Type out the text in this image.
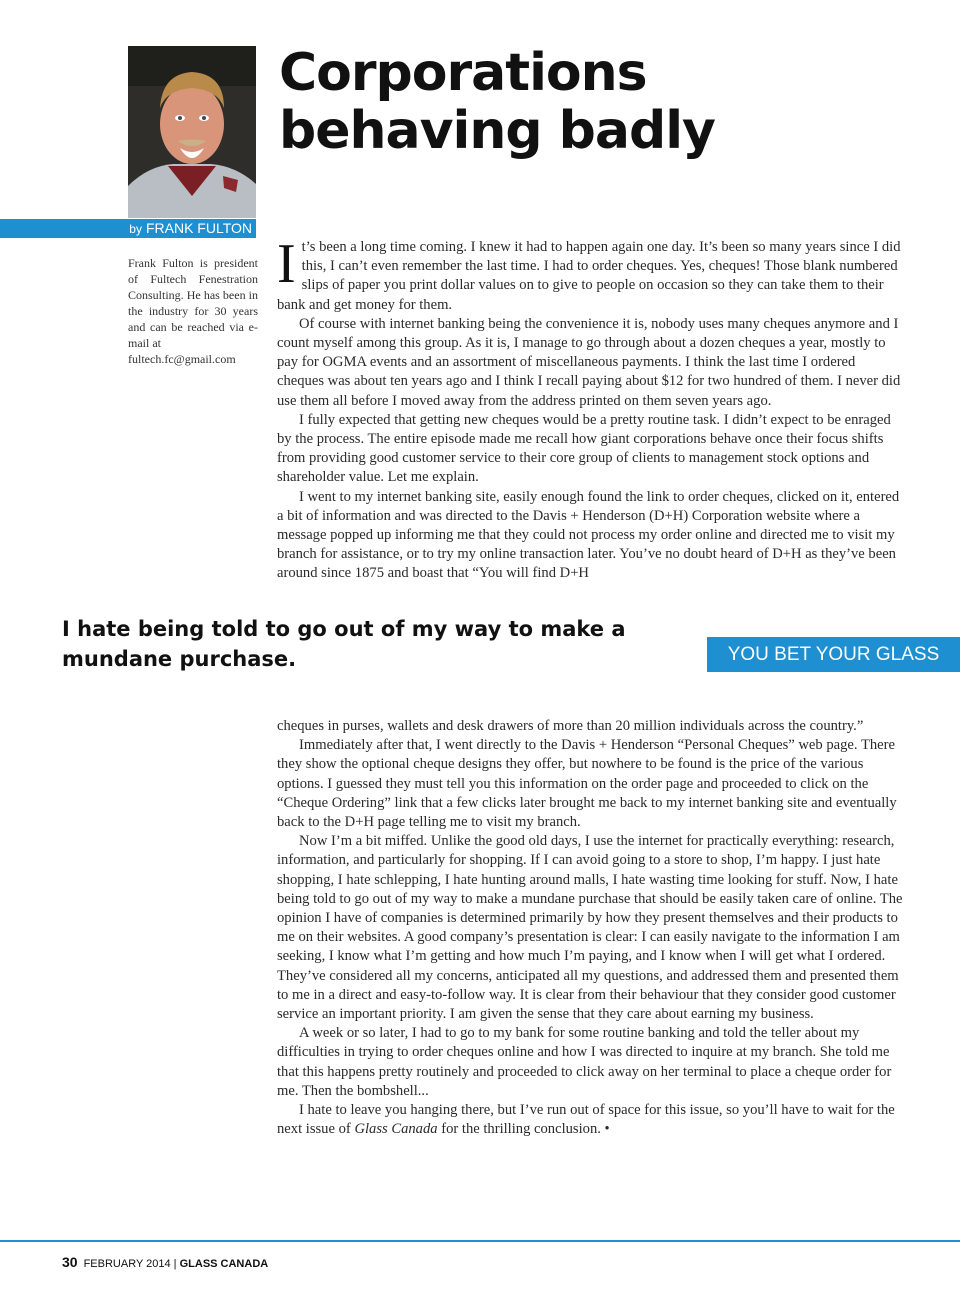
by FRANK FULTON
Corporations
behaving badly
Frank Fulton is president of Fultech Fenestration Consulting. He has been in the industry for 30 years and can be reached via e-mail at
fultech.fc@gmail.com

It’s been a long time coming. I knew it had to happen again one day. It’s been so many years since I did this, I can’t even remember the last time. I had to order cheques. Yes, cheques! Those blank numbered slips of paper you print dollar values on to give to people on occasion so they can take them to their bank and get money for them.

Of course with internet banking being the convenience it is, nobody uses many cheques anymore and I count myself among this group. As it is, I manage to go through about a dozen cheques a year, mostly to pay for OGMA events and an assortment of miscellaneous payments. I think the last time I ordered cheques was about ten years ago and I think I recall paying about $12 for two hundred of them. I never did use them all before I moved away from the address printed on them seven years ago.

I fully expected that getting new cheques would be a pretty routine task. I didn’t expect to be enraged by the process. The entire episode made me recall how giant corporations behave once their focus shifts from providing good customer service to their core group of clients to management stock options and shareholder value. Let me explain.

I went to my internet banking site, easily enough found the link to order cheques, clicked on it, entered a bit of information and was directed to the Davis + Henderson (D+H) Corporation website where a message popped up informing me that they could not process my order online and directed me to visit my branch for assistance, or to try my online transaction later. You’ve no doubt heard of D+H as they’ve been around since 1875 and boast that “You will find D+H

I hate being told to go out of my way to make a mundane purchase.	YOU BET YOUR GLASS

cheques in purses, wallets and desk drawers of more than 20 million individuals across the country.”

Immediately after that, I went directly to the Davis + Henderson “Personal Cheques” web page. There they show the optional cheque designs they offer, but nowhere to be found is the price of the various options. I guessed they must tell you this information on the order page and proceeded to click on the “Cheque Ordering” link that a few clicks later brought me back to my internet banking site and eventually back to the D+H page telling me to visit my branch.

Now I’m a bit miffed. Unlike the good old days, I use the internet for practically everything: research, information, and particularly for shopping. If I can avoid going to a store to shop, I’m happy. I just hate shopping, I hate schlepping, I hate hunting around malls, I hate wasting time looking for stuff. Now, I hate being told to go out of my way to make a mundane purchase that should be easily taken care of online. The opinion I have of companies is determined primarily by how they present themselves and their products to me on their websites. A good company’s presentation is clear: I can easily navigate to the information I am seeking, I know what I’m getting and how much I’m paying, and I know when I will get what I ordered. They’ve considered all my concerns, anticipated all my questions, and addressed them and presented them to me in a direct and easy-to-follow way. It is clear from their behaviour that they consider good customer service an important priority. I am given the sense that they care about earning my business.

A week or so later, I had to go to my bank for some routine banking and told the teller about my difficulties in trying to order cheques online and how I was directed to inquire at my branch. She told me that this happens pretty routinely and proceeded to click away on her terminal to place a cheque order for me. Then the bombshell...

I hate to leave you hanging there, but I’ve run out of space for this issue, so you’ll have to wait for the next issue of Glass Canada for the thrilling conclusion. •

30 FEBRUARY 2014 | GLASS CANADA
